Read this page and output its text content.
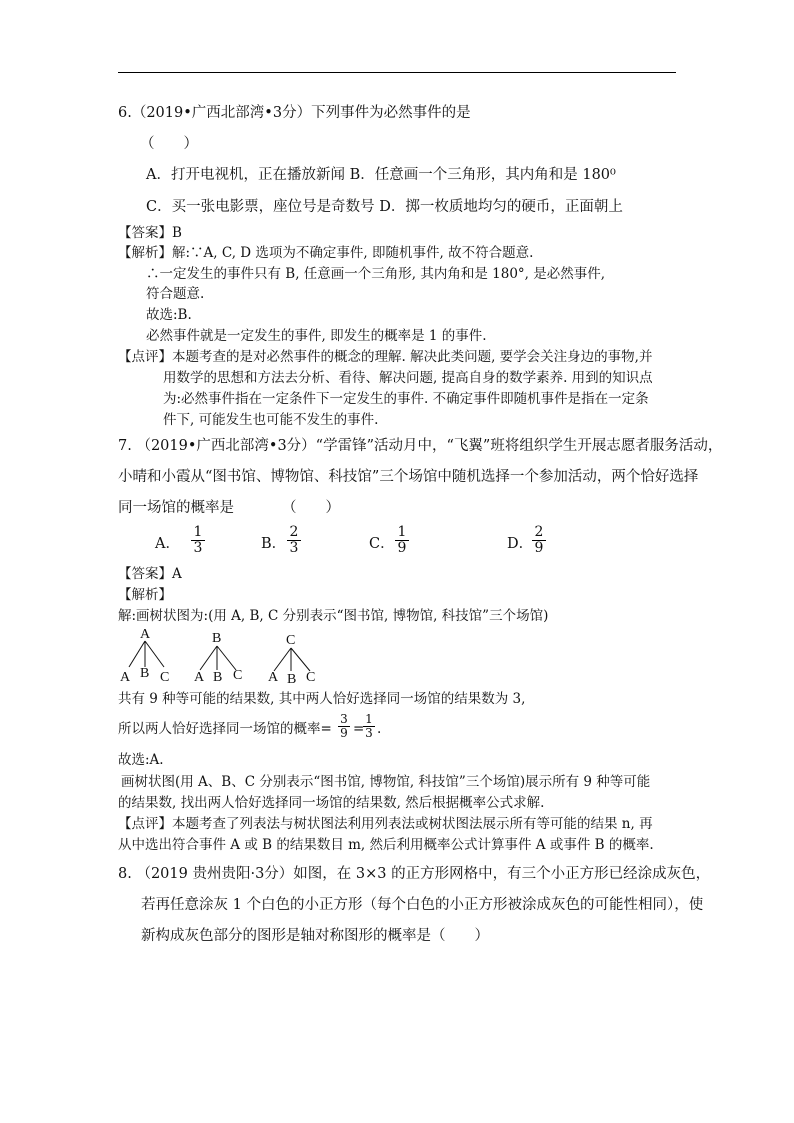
6.（2019•广西北部湾•3分）下列事件为必然事件的是
（　　）
A．打开电视机，正在播放新闻 B．任意画一个三角形，其内角和是 180⁰
C．买一张电影票，座位号是奇数号 D．掷一枚质地均匀的硬币，正面朝上
【答案】B
【解析】解:∵A, C, D 选项为不确定事件, 即随机事件, 故不符合题意.
∴一定发生的事件只有 B, 任意画一个三角形, 其内角和是 180°, 是必然事件,
符合题意.
故选:B.
必然事件就是一定发生的事件, 即发生的概率是 1 的事件.
【点评】本题考查的是对必然事件的概念的理解. 解决此类问题, 要学会关注身边的事物,并
用数学的思想和方法去分析、看待、解决问题, 提高自身的数学素养. 用到的知识点
为:必然事件指在一定条件下一定发生的事件. 不确定事件即随机事件是指在一定条
件下, 可能发生也可能不发生的事件.
7. （2019•广西北部湾•3分）“学雷锋”活动月中，“飞翼”班将组织学生开展志愿者服务活动，
小晴和小霞从“图书馆、博物馆、科技馆”三个场馆中随机选择一个参加活动，两个恰好选择
同一场馆的概率是	（　　）
A． $\frac{1}{3}$	B． $\frac{2}{3}$	C． $\frac{1}{9}$	D．
$\frac{2}{9}$
【答案】A
【解析】
解:画树状图为:(用 A, B, C 分别表示“图书馆, 博物馆, 科技馆”三个场馆)
A
A B C
B
A B C
C
A B C
共有 9 种等可能的结果数, 其中两人恰好选择同一场馆的结果数为 3,
所以两人恰好选择同一场馆的概率= $\frac{3}{9}$ =
$\frac{1}{3}$ .
故选:A.
画树状图(用 A、B、C 分别表示“图书馆, 博物馆, 科技馆”三个场馆)展示所有 9 种等可能
的结果数, 找出两人恰好选择同一场馆的结果数, 然后根据概率公式求解.
【点评】本题考查了列表法与树状图法利用列表法或树状图法展示所有等可能的结果 n, 再
从中选出符合事件 A 或 B 的结果数目 m, 然后利用概率公式计算事件 A 或事件 B 的概率.
8. （2019 贵州贵阳·3分）如图，在 3×3 的正方形网格中，有三个小正方形已经涂成灰色，
若再任意涂灰 1 个白色的小正方形（每个白色的小正方形被涂成灰色的可能性相同），使
新构成灰色部分的图形是轴对称图形的概率是（　　）
